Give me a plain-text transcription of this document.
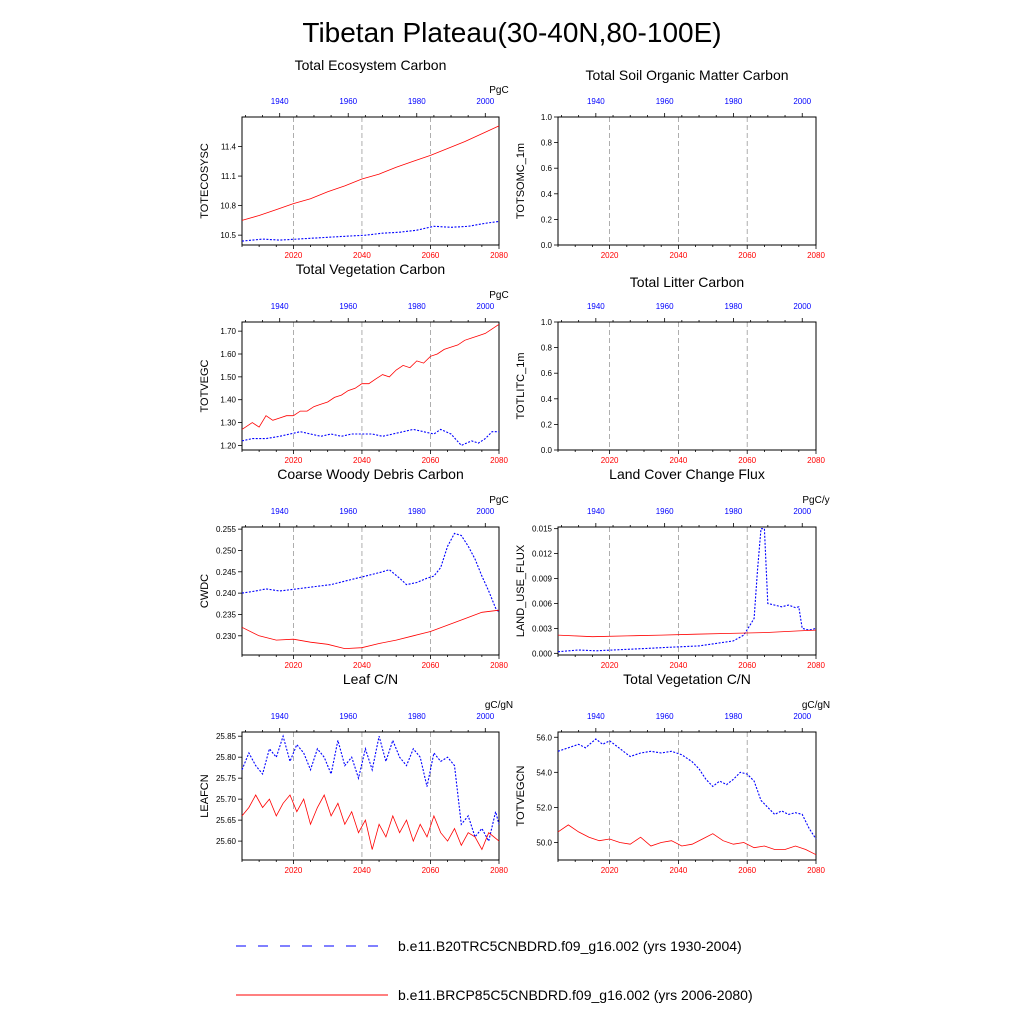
Tibetan Plateau(30-40N,80-100E)
Total Ecosystem Carbon
PgC
TOTECOSYSC
2020	2040	2060	2080
1940	1960	1980	2000
10.5
10.8
11.1
11.4
Total Soil Organic Matter Carbon
TOTSOMC_1m
2020	2040	2060	2080
1940	1960	1980	2000
0.0
0.2
0.4
0.6
0.8
1.0
Total Vegetation Carbon
PgC
TOTVEGC
2020	2040	2060	2080
1940	1960	1980	2000
1.20
1.30
1.40
1.50
1.60
1.70
Total Litter Carbon
TOTLITC_1m
2020	2040	2060	2080
1940	1960	1980	2000
0.0
0.2
0.4
0.6
0.8
1.0
Coarse Woody Debris Carbon
PgC
CWDC
2020	2040	2060	2080
1940	1960	1980	2000
0.230
0.235
0.240
0.245
0.250
0.255
Land Cover Change Flux
PgC/y
LAND_USE_FLUX
2020	2040	2060	2080
1940	1960	1980	2000
0.000
0.003
0.006
0.009
0.012
0.015
Leaf C/N
gC/gN
LEAFCN
2020	2040	2060	2080
1940	1960	1980	2000
25.60
25.65
25.70
25.75
25.80
25.85
Total Vegetation C/N
gC/gN
TOTVEGCN
2020	2040	2060	2080
1940	1960	1980	2000
50.0
52.0
54.0
56.0
b.e11.B20TRC5CNBDRD.f09_g16.002 (yrs 1930-2004)
b.e11.BRCP85C5CNBDRD.f09_g16.002 (yrs 2006-2080)
